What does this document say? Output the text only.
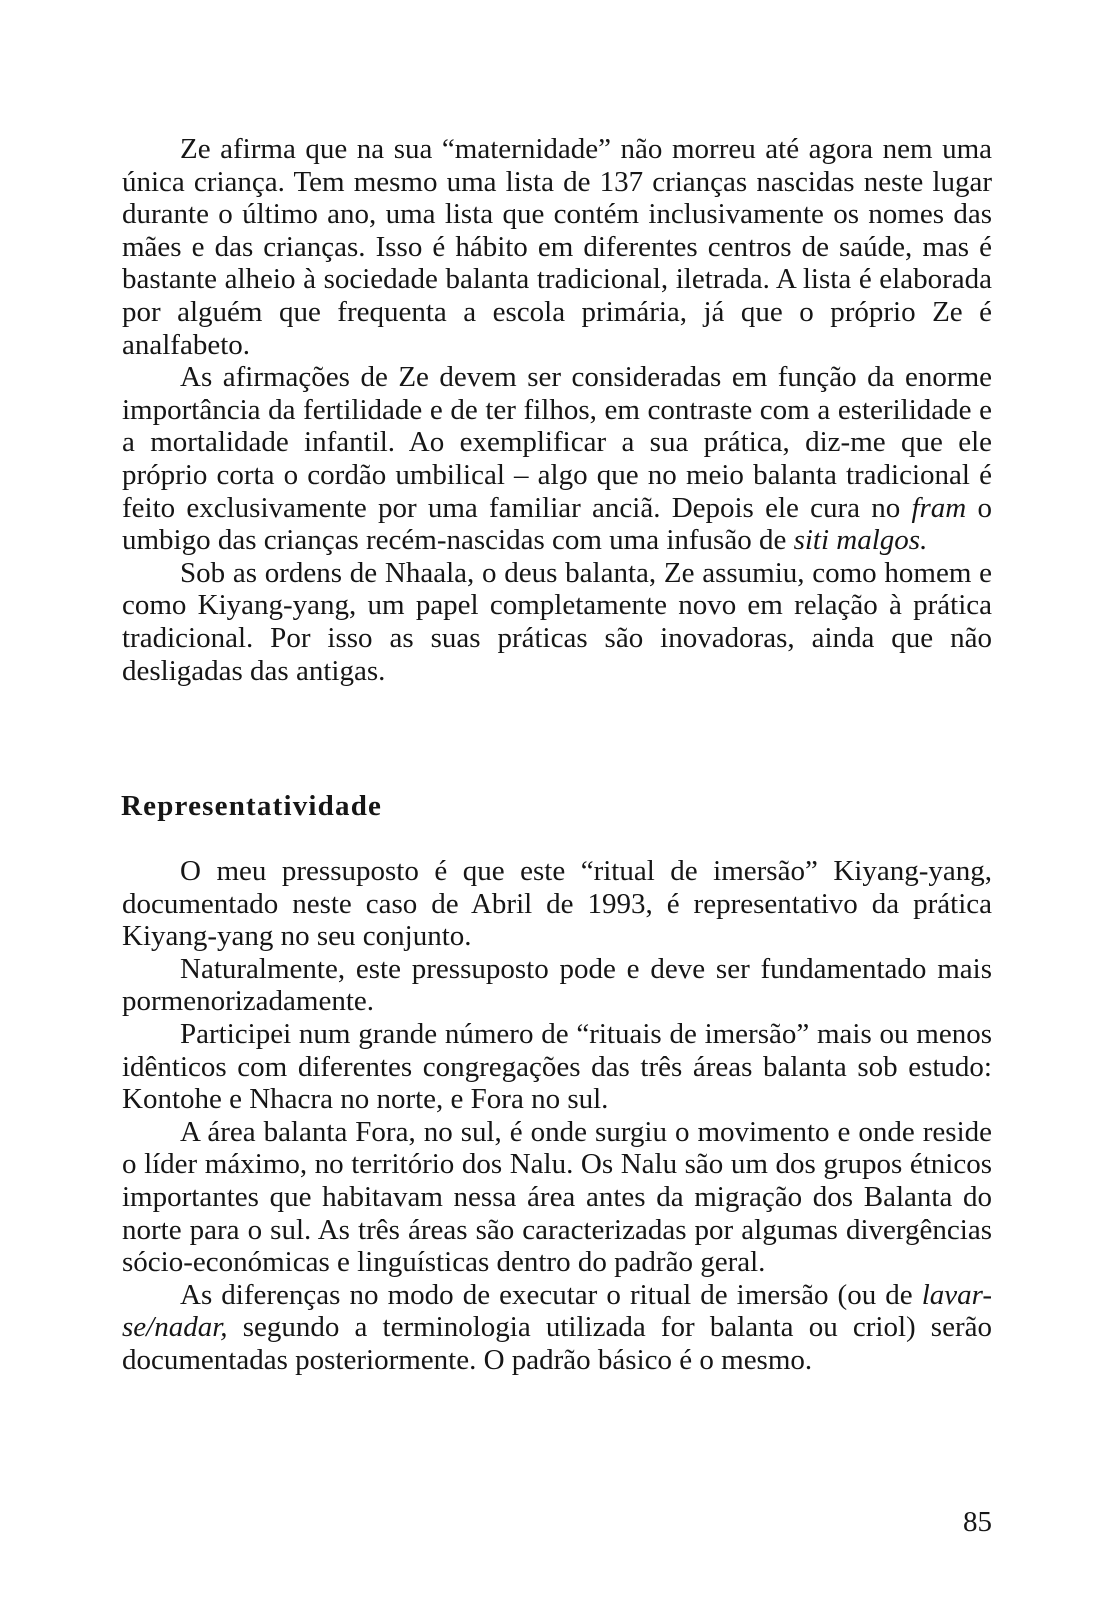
Ze afirma que na sua “maternidade” não morreu até agora nem uma única criança. Tem mesmo uma lista de 137 crianças nascidas neste lugar durante o último ano, uma lista que contém inclusivamente os nomes das mães e das crianças. Isso é hábito em diferentes centros de saúde, mas é bastante alheio à sociedade balanta tradicional, iletrada. A lista é elaborada por alguém que frequenta a escola primária, já que o próprio Ze é analfabeto.

As afirmações de Ze devem ser consideradas em função da enorme importância da fertilidade e de ter filhos, em contraste com a esterilidade e a mortalidade infantil. Ao exemplificar a sua prática, diz-me que ele próprio corta o cordão umbilical – algo que no meio balanta tradicional é feito exclusivamente por uma familiar anciã. Depois ele cura no fram o umbigo das crianças recém-nascidas com uma infusão de siti malgos.

Sob as ordens de Nhaala, o deus balanta, Ze assumiu, como homem e como Kiyang-yang, um papel completamente novo em relação à prática tradicional. Por isso as suas práticas são inovadoras, ainda que não desligadas das antigas.

Representatividade

O meu pressuposto é que este “ritual de imersão” Kiyang-yang, documentado neste caso de Abril de 1993, é representativo da prática Kiyang-yang no seu conjunto.

Naturalmente, este pressuposto pode e deve ser fundamentado mais pormenorizadamente.

Participei num grande número de “rituais de imersão” mais ou menos idênticos com diferentes congregações das três áreas balanta sob estudo: Kontohe e Nhacra no norte, e Fora no sul.

A área balanta Fora, no sul, é onde surgiu o movimento e onde reside o líder máximo, no território dos Nalu. Os Nalu são um dos grupos étnicos importantes que habitavam nessa área antes da migração dos Balanta do norte para o sul. As três áreas são caracterizadas por algumas divergências sócio-económicas e linguísticas dentro do padrão geral.

As diferenças no modo de executar o ritual de imersão (ou de lavar-se/nadar, segundo a terminologia utilizada for balanta ou criol) serão documentadas posteriormente. O padrão básico é o mesmo.

85
